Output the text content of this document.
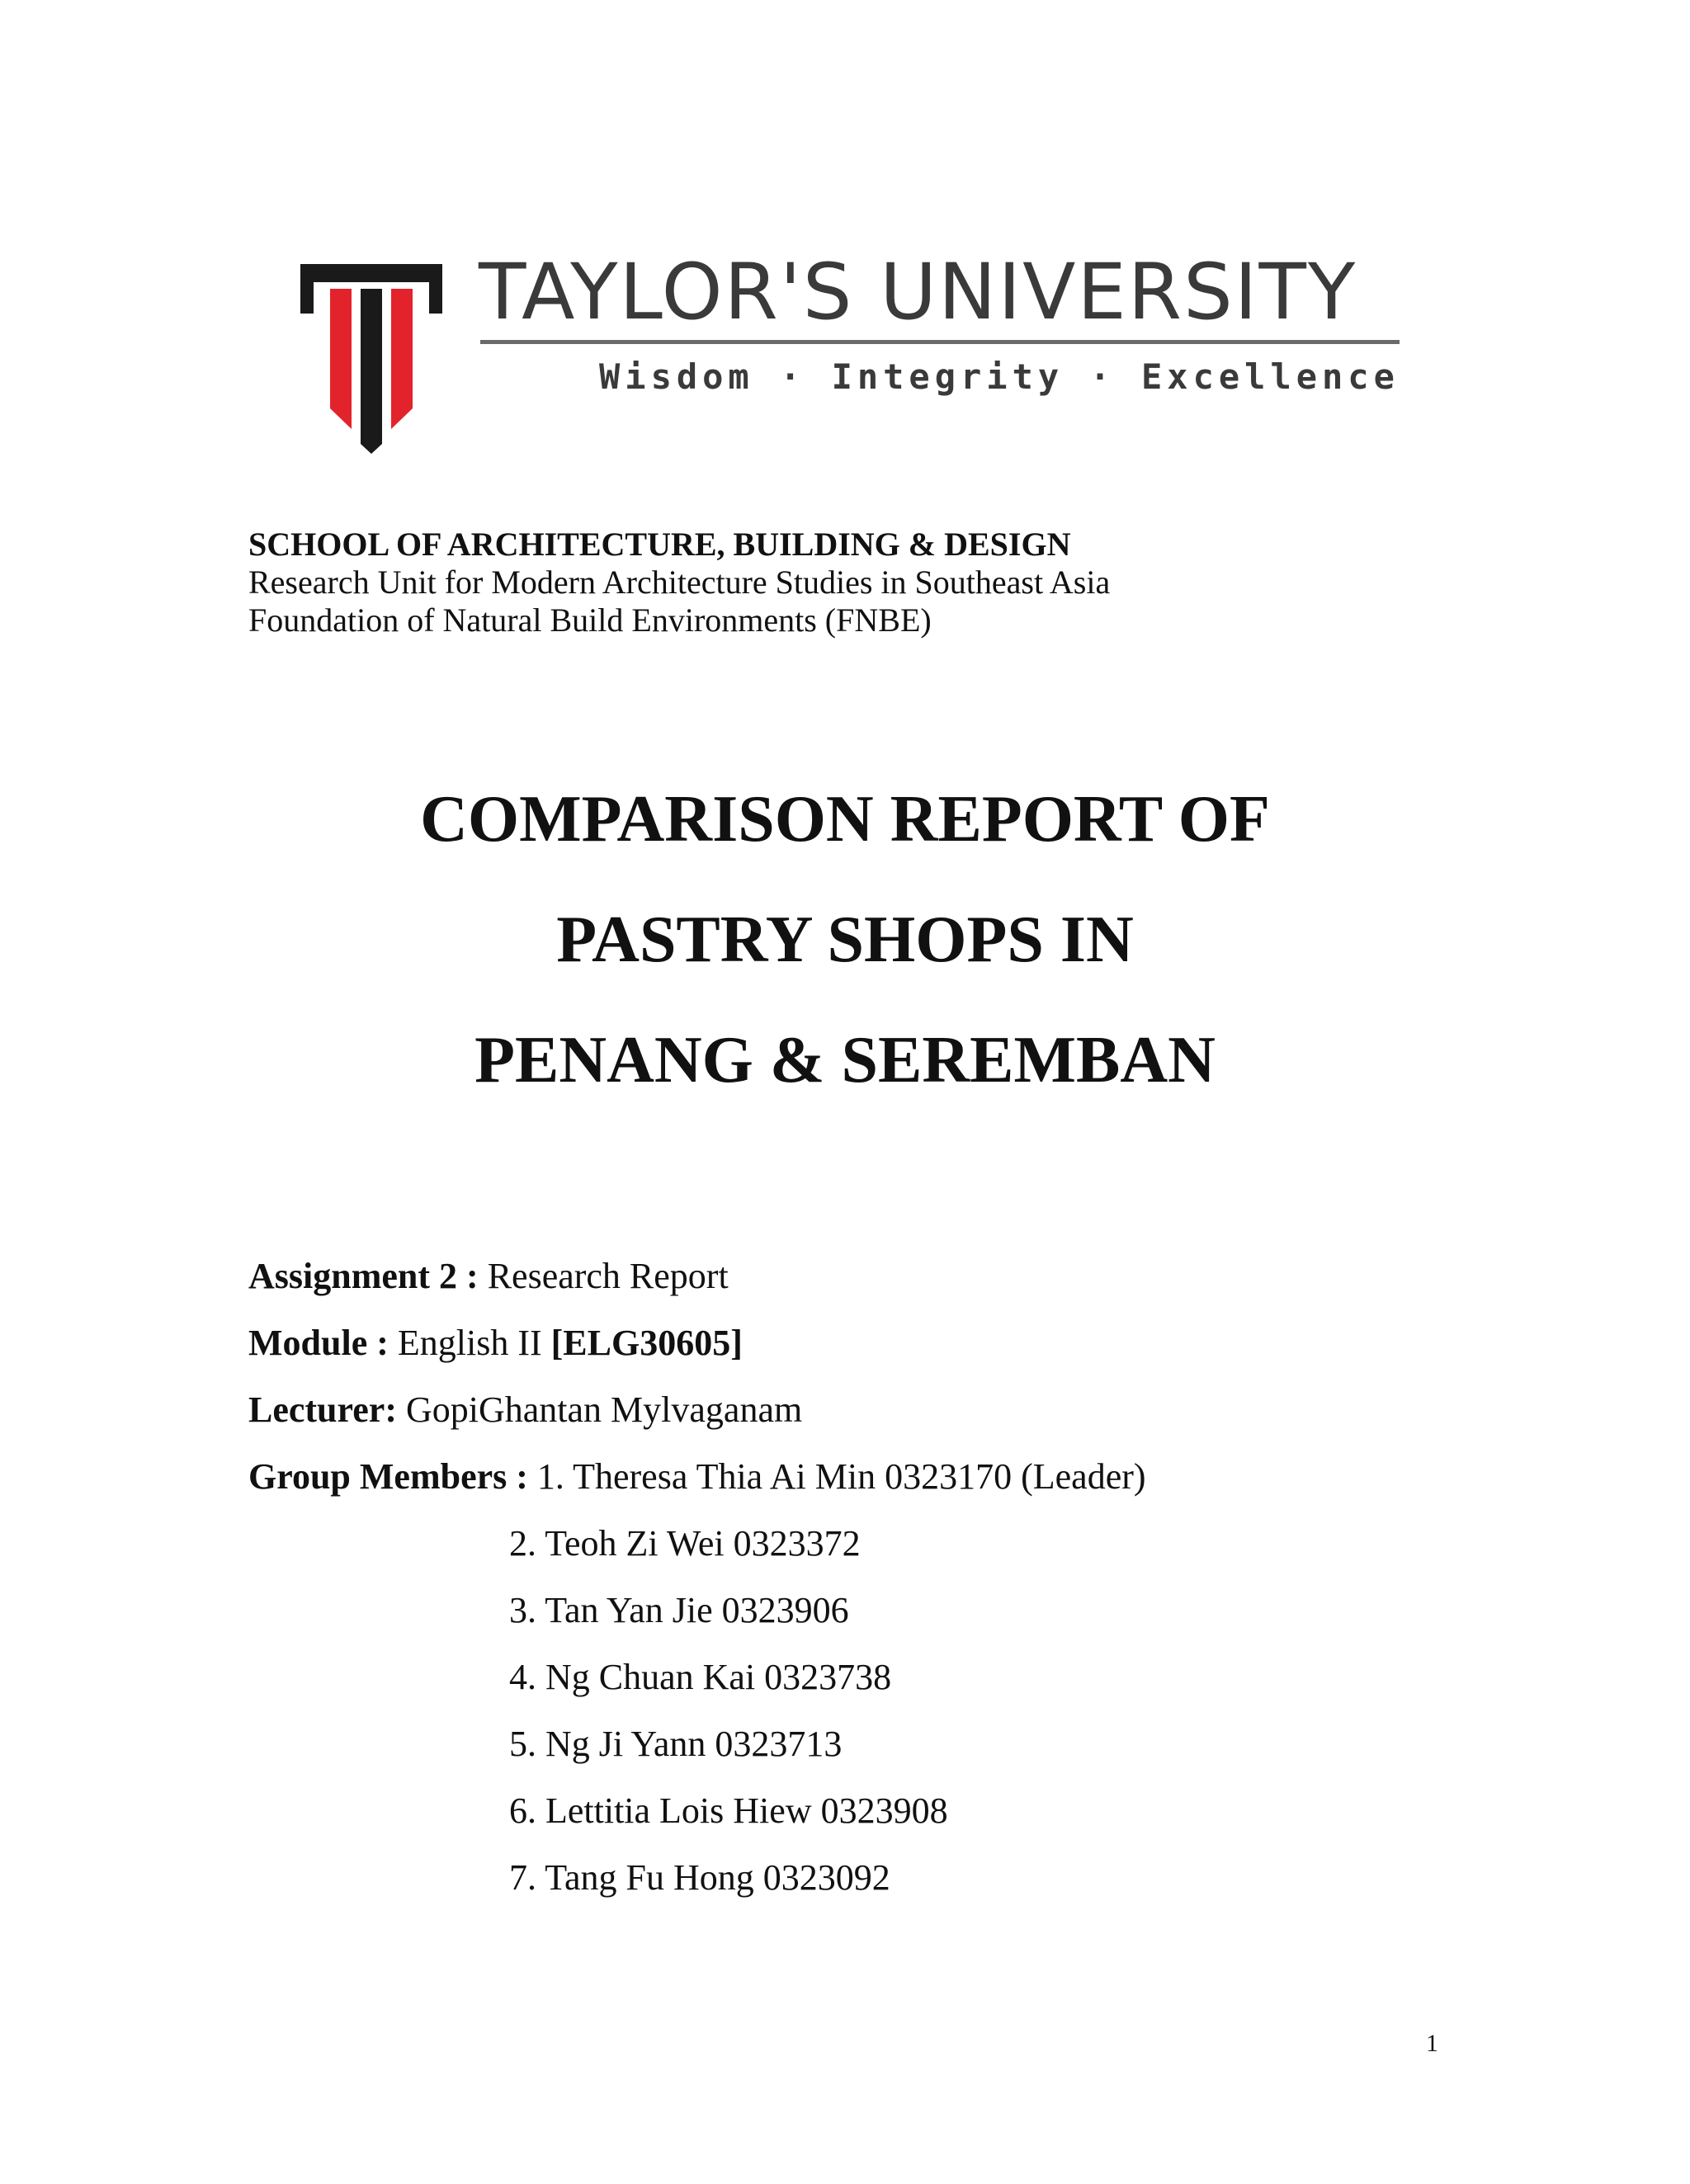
TAYLOR'S UNIVERSITY
Wisdom · Integrity · Excellence
SCHOOL OF ARCHITECTURE, BUILDING & DESIGN
Research Unit for Modern Architecture Studies in Southeast Asia
Foundation of Natural Build Environments (FNBE)
COMPARISON REPORT OF
PASTRY SHOPS IN
PENANG & SEREMBAN
Assignment 2 : Research Report
Module : English II [ELG30605]
Lecturer: GopiGhantan Mylvaganam
Group Members : 1. Theresa Thia Ai Min 0323170 (Leader)
2. Teoh Zi Wei 0323372
3. Tan Yan Jie 0323906
4. Ng Chuan Kai 0323738
5. Ng Ji Yann 0323713
6. Lettitia Lois Hiew 0323908
7. Tang Fu Hong 0323092
1
